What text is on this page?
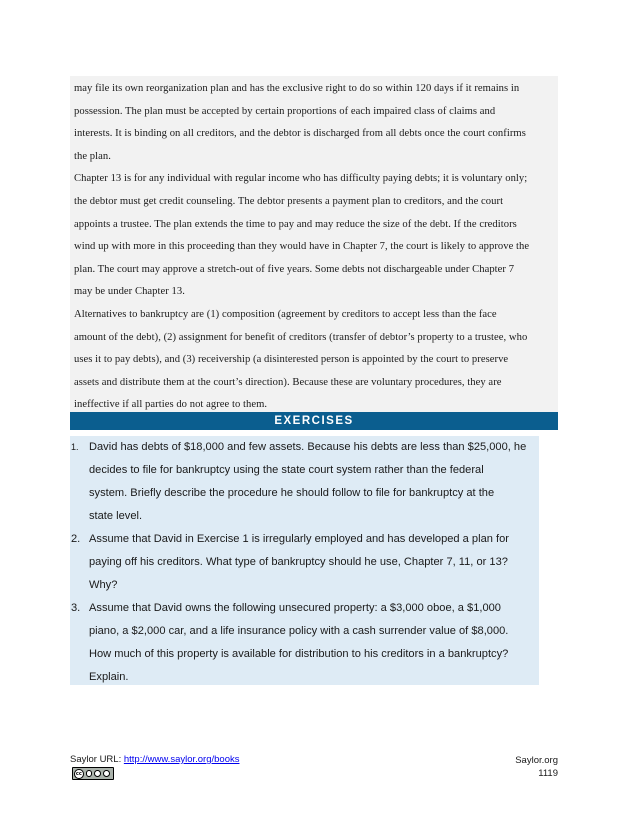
may file its own reorganization plan and has the exclusive right to do so within 120 days if it remains in
possession. The plan must be accepted by certain proportions of each impaired class of claims and
interests. It is binding on all creditors, and the debtor is discharged from all debts once the court confirms
the plan.

Chapter 13 is for any individual with regular income who has difficulty paying debts; it is voluntary only;
the debtor must get credit counseling. The debtor presents a payment plan to creditors, and the court
appoints a trustee. The plan extends the time to pay and may reduce the size of the debt. If the creditors
wind up with more in this proceeding than they would have in Chapter 7, the court is likely to approve the
plan. The court may approve a stretch-out of five years. Some debts not dischargeable under Chapter 7
may be under Chapter 13.

Alternatives to bankruptcy are (1) composition (agreement by creditors to accept less than the face
amount of the debt), (2) assignment for benefit of creditors (transfer of debtor’s property to a trustee, who
uses it to pay debts), and (3) receivership (a disinterested person is appointed by the court to preserve
assets and distribute them at the court’s direction). Because these are voluntary procedures, they are
ineffective if all parties do not agree to them.

EXERCISES
1. David has debts of $18,000 and few assets. Because his debts are less than $25,000, he
decides to file for bankruptcy using the state court system rather than the federal
system. Briefly describe the procedure he should follow to file for bankruptcy at the
state level.
2. Assume that David in Exercise 1 is irregularly employed and has developed a plan for
paying off his creditors. What type of bankruptcy should he use, Chapter 7, 11, or 13?
Why?
3. Assume that David owns the following unsecured property: a $3,000 oboe, a $1,000
piano, a $2,000 car, and a life insurance policy with a cash surrender value of $8,000.
How much of this property is available for distribution to his creditors in a bankruptcy?
Explain.
Saylor URL: http://www.saylor.org/books
cc
Saylor.org
1119
